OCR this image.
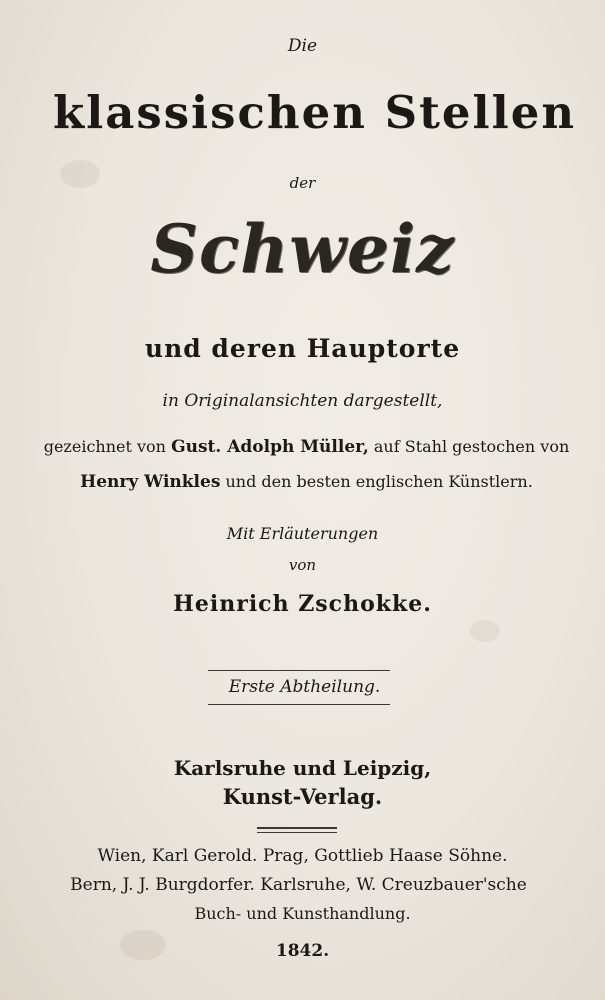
Die
klassischen Stellen
der
Schweiz
und deren Hauptorte
in Originalansichten dargestellt,
gezeichnet von Gust. Adolph Müller, auf Stahl gestochen von
Henry Winkles und den besten englischen Künstlern.
Mit Erläuterungen
von
Heinrich Zschokke.
Erste Abtheilung.
Karlsruhe und Leipzig,
Kunst-Verlag.
Wien, Karl Gerold. Prag, Gottlieb Haase Söhne.
Bern, J. J. Burgdorfer. Karlsruhe, W. Creuzbauer'sche
Buch- und Kunsthandlung.
1842.
